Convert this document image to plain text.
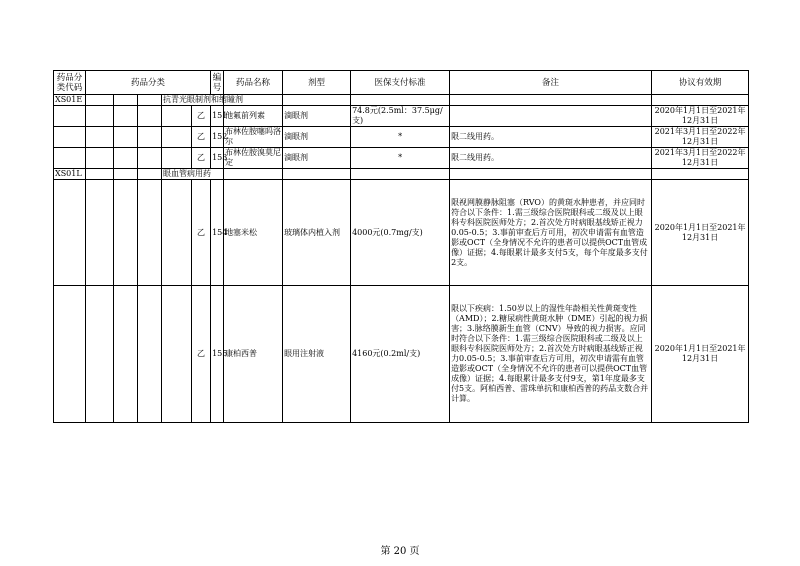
药品分类代码	药品分类					编号	药品名称	剂型	医保支付标准	备注	协议有效期
XS01E				抗青光眼制剂和缩瞳剂							
					乙	151	他氟前列素	滴眼剂	74.8元(2.5ml：37.5μg/支)		2020年1月1日至2021年12月31日
					乙	152	布林佐胺噻吗洛尔	滴眼剂	*	限二线用药。	2021年3月1日至2022年12月31日
					乙	153	布林佐胺溴莫尼定	滴眼剂	*	限二线用药。	2021年3月1日至2022年12月31日
XS01L				眼血管病用药							
					乙	154	地塞米松	玻璃体内植入剂	4000元(0.7mg/支)	限视网膜静脉阻塞（RVO）的黄斑水肿患者，并应同时符合以下条件：1.需三级综合医院眼科或二级及以上眼科专科医院医师处方；2.首次处方时病眼基线矫正视力0.05-0.5；3.事前审查后方可用，初次申请需有血管造影或OCT（全身情况不允许的患者可以提供OCT血管成像）证据；4.每眼累计最多支付5支，每个年度最多支付2支。	2020年1月1日至2021年12月31日
					乙	155	康柏西普	眼用注射液	4160元(0.2ml/支)	限以下疾病：1.50岁以上的湿性年龄相关性黄斑变性（AMD）；2.糖尿病性黄斑水肿（DME）引起的视力损害；3.脉络膜新生血管（CNV）导致的视力损害。应同时符合以下条件：1.需三级综合医院眼科或二级及以上眼科专科医院医师处方；2.首次处方时病眼基线矫正视力0.05-0.5；3.事前审查后方可用，初次申请需有血管造影或OCT（全身情况不允许的患者可以提供OCT血管成像）证据；4.每眼累计最多支付9支，第1年度最多支付5支。阿柏西普、雷珠单抗和康柏西普的药品支数合并计算。	2020年1月1日至2021年12月31日
第 20 页
